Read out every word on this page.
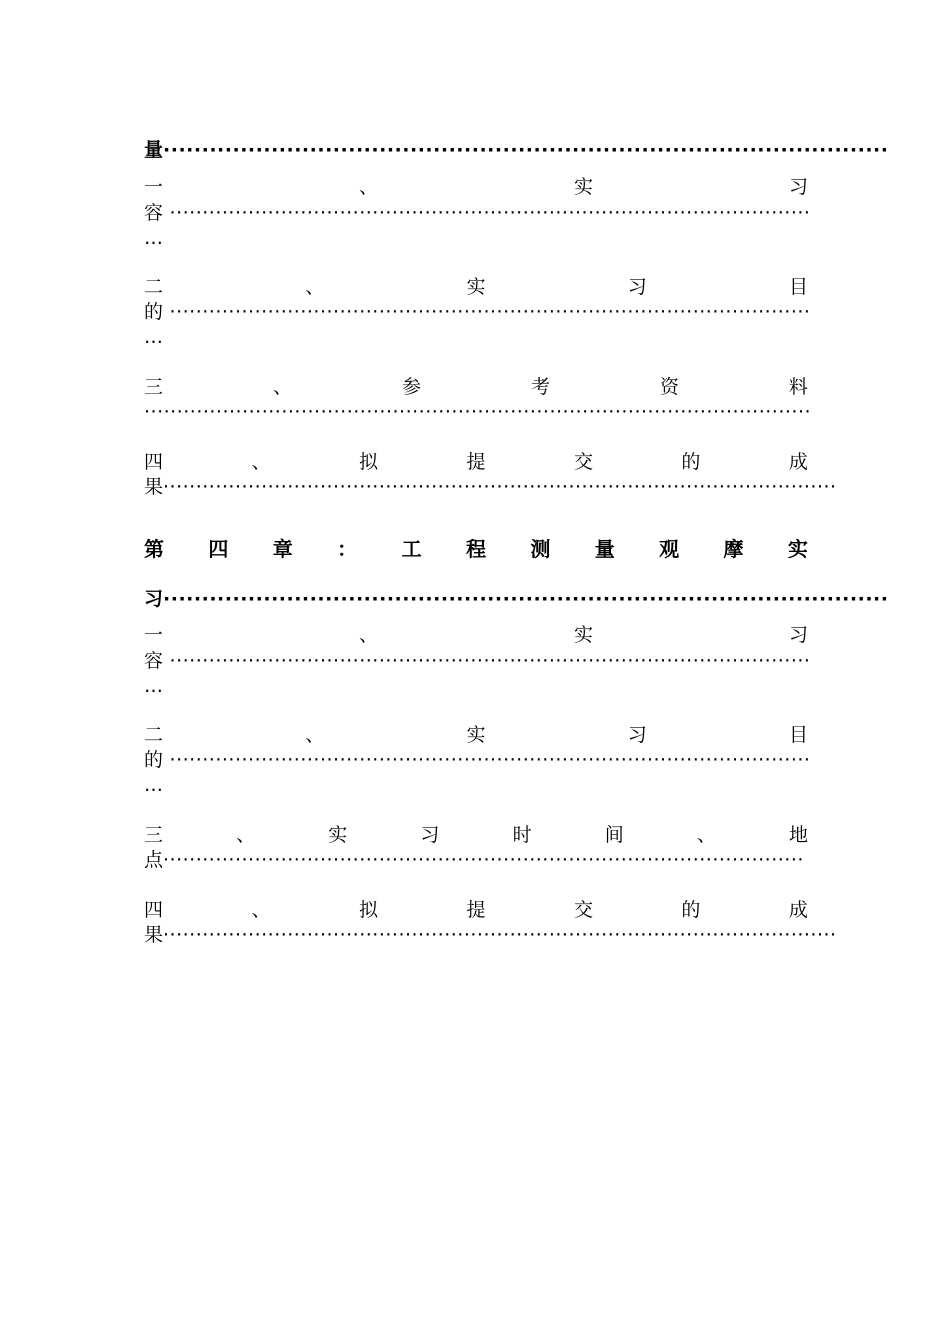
量······························································································
一	、	实	习
容 ··································································································
…
二	、	实	习	目
的 ··································································································
…
三	、	参	考	资	料
······································································································
四	、	拟	提	交	的	成
果·······································································································
第 四 章 ： 工 程 测 量 观 摩 实
习······························································································
一	、	实	习
容 ··································································································
…
二	、	实	习	目
的 ··································································································
…
三	、	实	习	时	间	、	地
点··································································································
四	、	拟	提	交	的	成
果·······································································································
